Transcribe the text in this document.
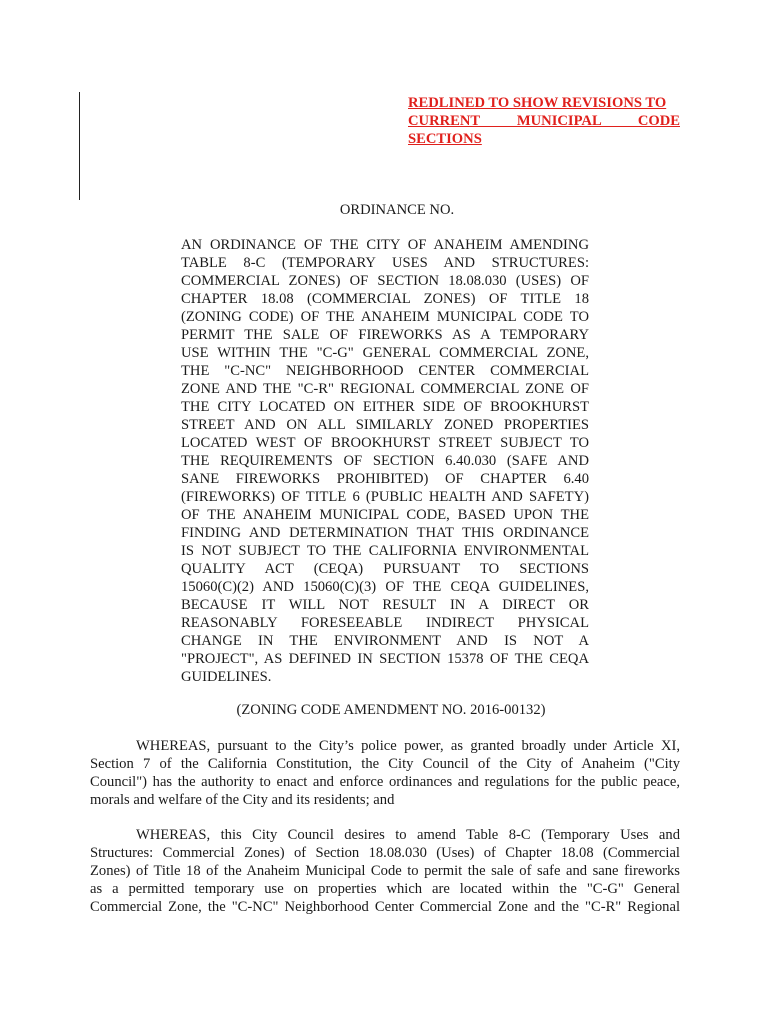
REDLINED TO SHOW REVISIONS TO
CURRENT MUNICIPAL CODE
SECTIONS
ORDINANCE NO.
AN ORDINANCE OF THE CITY OF ANAHEIM AMENDING
TABLE 8-C (TEMPORARY USES AND STRUCTURES:
COMMERCIAL ZONES) OF SECTION 18.08.030 (USES) OF
CHAPTER 18.08 (COMMERCIAL ZONES) OF TITLE 18
(ZONING CODE) OF THE ANAHEIM MUNICIPAL CODE TO
PERMIT THE SALE OF FIREWORKS AS A TEMPORARY
USE WITHIN THE "C-G" GENERAL COMMERCIAL ZONE,
THE "C-NC" NEIGHBORHOOD CENTER COMMERCIAL
ZONE AND THE "C-R" REGIONAL COMMERCIAL ZONE OF
THE CITY LOCATED ON EITHER SIDE OF BROOKHURST
STREET AND ON ALL SIMILARLY ZONED PROPERTIES
LOCATED WEST OF BROOKHURST STREET SUBJECT TO
THE REQUIREMENTS OF SECTION 6.40.030 (SAFE AND
SANE FIREWORKS PROHIBITED) OF CHAPTER 6.40
(FIREWORKS) OF TITLE 6 (PUBLIC HEALTH AND SAFETY)
OF THE ANAHEIM MUNICIPAL CODE, BASED UPON THE
FINDING AND DETERMINATION THAT THIS ORDINANCE
IS NOT SUBJECT TO THE CALIFORNIA ENVIRONMENTAL
QUALITY ACT (CEQA) PURSUANT TO SECTIONS
15060(C)(2) AND 15060(C)(3) OF THE CEQA GUIDELINES,
BECAUSE IT WILL NOT RESULT IN A DIRECT OR
REASONABLY FORESEEABLE INDIRECT PHYSICAL
CHANGE IN THE ENVIRONMENT AND IS NOT A
"PROJECT", AS DEFINED IN SECTION 15378 OF THE CEQA
GUIDELINES.
(ZONING CODE AMENDMENT NO. 2016-00132)
WHEREAS, pursuant to the City’s police power, as granted broadly under Article XI,
Section 7 of the California Constitution, the City Council of the City of Anaheim ("City
Council") has the authority to enact and enforce ordinances and regulations for the public peace,
morals and welfare of the City and its residents; and
WHEREAS, this City Council desires to amend Table 8-C (Temporary Uses and
Structures: Commercial Zones) of Section 18.08.030 (Uses) of Chapter 18.08 (Commercial
Zones) of Title 18 of the Anaheim Municipal Code to permit the sale of safe and sane fireworks
as a permitted temporary use on properties which are located within the "C-G" General
Commercial Zone, the "C-NC" Neighborhood Center Commercial Zone and the "C-R" Regional
